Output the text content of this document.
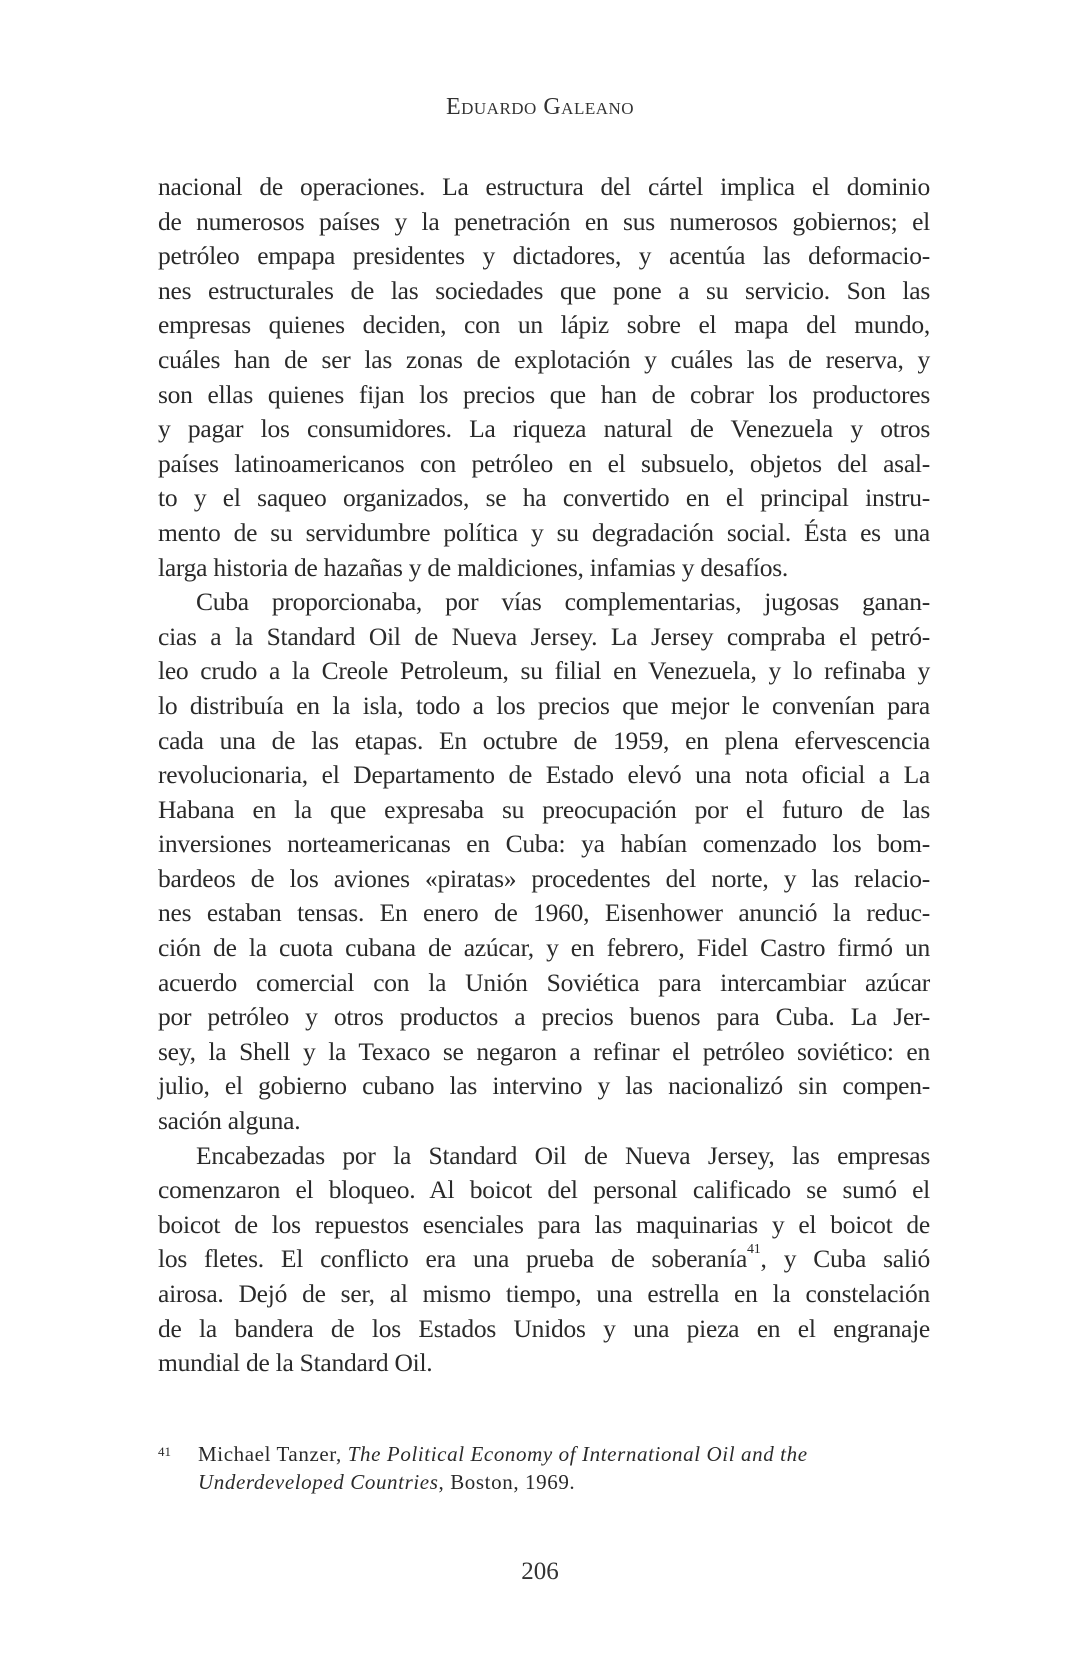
Eduardo Galeano
nacional de operaciones. La estructura del cártel implica el dominio
de numerosos países y la penetración en sus numerosos gobiernos; el
petróleo empapa presidentes y dictadores, y acentúa las deformacio-
nes estructurales de las sociedades que pone a su servicio. Son las
empresas quienes deciden, con un lápiz sobre el mapa del mundo,
cuáles han de ser las zonas de explotación y cuáles las de reserva, y
son ellas quienes fijan los precios que han de cobrar los productores
y pagar los consumidores. La riqueza natural de Venezuela y otros
países latinoamericanos con petróleo en el subsuelo, objetos del asal-
to y el saqueo organizados, se ha convertido en el principal instru-
mento de su servidumbre política y su degradación social. Ésta es una
larga historia de hazañas y de maldiciones, infamias y desafíos.
Cuba proporcionaba, por vías complementarias, jugosas ganan-
cias a la Standard Oil de Nueva Jersey. La Jersey compraba el petró-
leo crudo a la Creole Petroleum, su filial en Venezuela, y lo refinaba y
lo distribuía en la isla, todo a los precios que mejor le convenían para
cada una de las etapas. En octubre de 1959, en plena efervescencia
revolucionaria, el Departamento de Estado elevó una nota oficial a La
Habana en la que expresaba su preocupación por el futuro de las
inversiones norteamericanas en Cuba: ya habían comenzado los bom-
bardeos de los aviones «piratas» procedentes del norte, y las relacio-
nes estaban tensas. En enero de 1960, Eisenhower anunció la reduc-
ción de la cuota cubana de azúcar, y en febrero, Fidel Castro firmó un
acuerdo comercial con la Unión Soviética para intercambiar azúcar
por petróleo y otros productos a precios buenos para Cuba. La Jer-
sey, la Shell y la Texaco se negaron a refinar el petróleo soviético: en
julio, el gobierno cubano las intervino y las nacionalizó sin compen-
sación alguna.
Encabezadas por la Standard Oil de Nueva Jersey, las empresas
comenzaron el bloqueo. Al boicot del personal calificado se sumó el
boicot de los repuestos esenciales para las maquinarias y el boicot de
los fletes. El conflicto era una prueba de soberanía$^{41}$, y Cuba salió
airosa. Dejó de ser, al mismo tiempo, una estrella en la constelación
de la bandera de los Estados Unidos y una pieza en el engranaje
mundial de la Standard Oil.
41 Michael Tanzer, The Political Economy of International Oil and the
Underdeveloped Countries, Boston, 1969.
206
